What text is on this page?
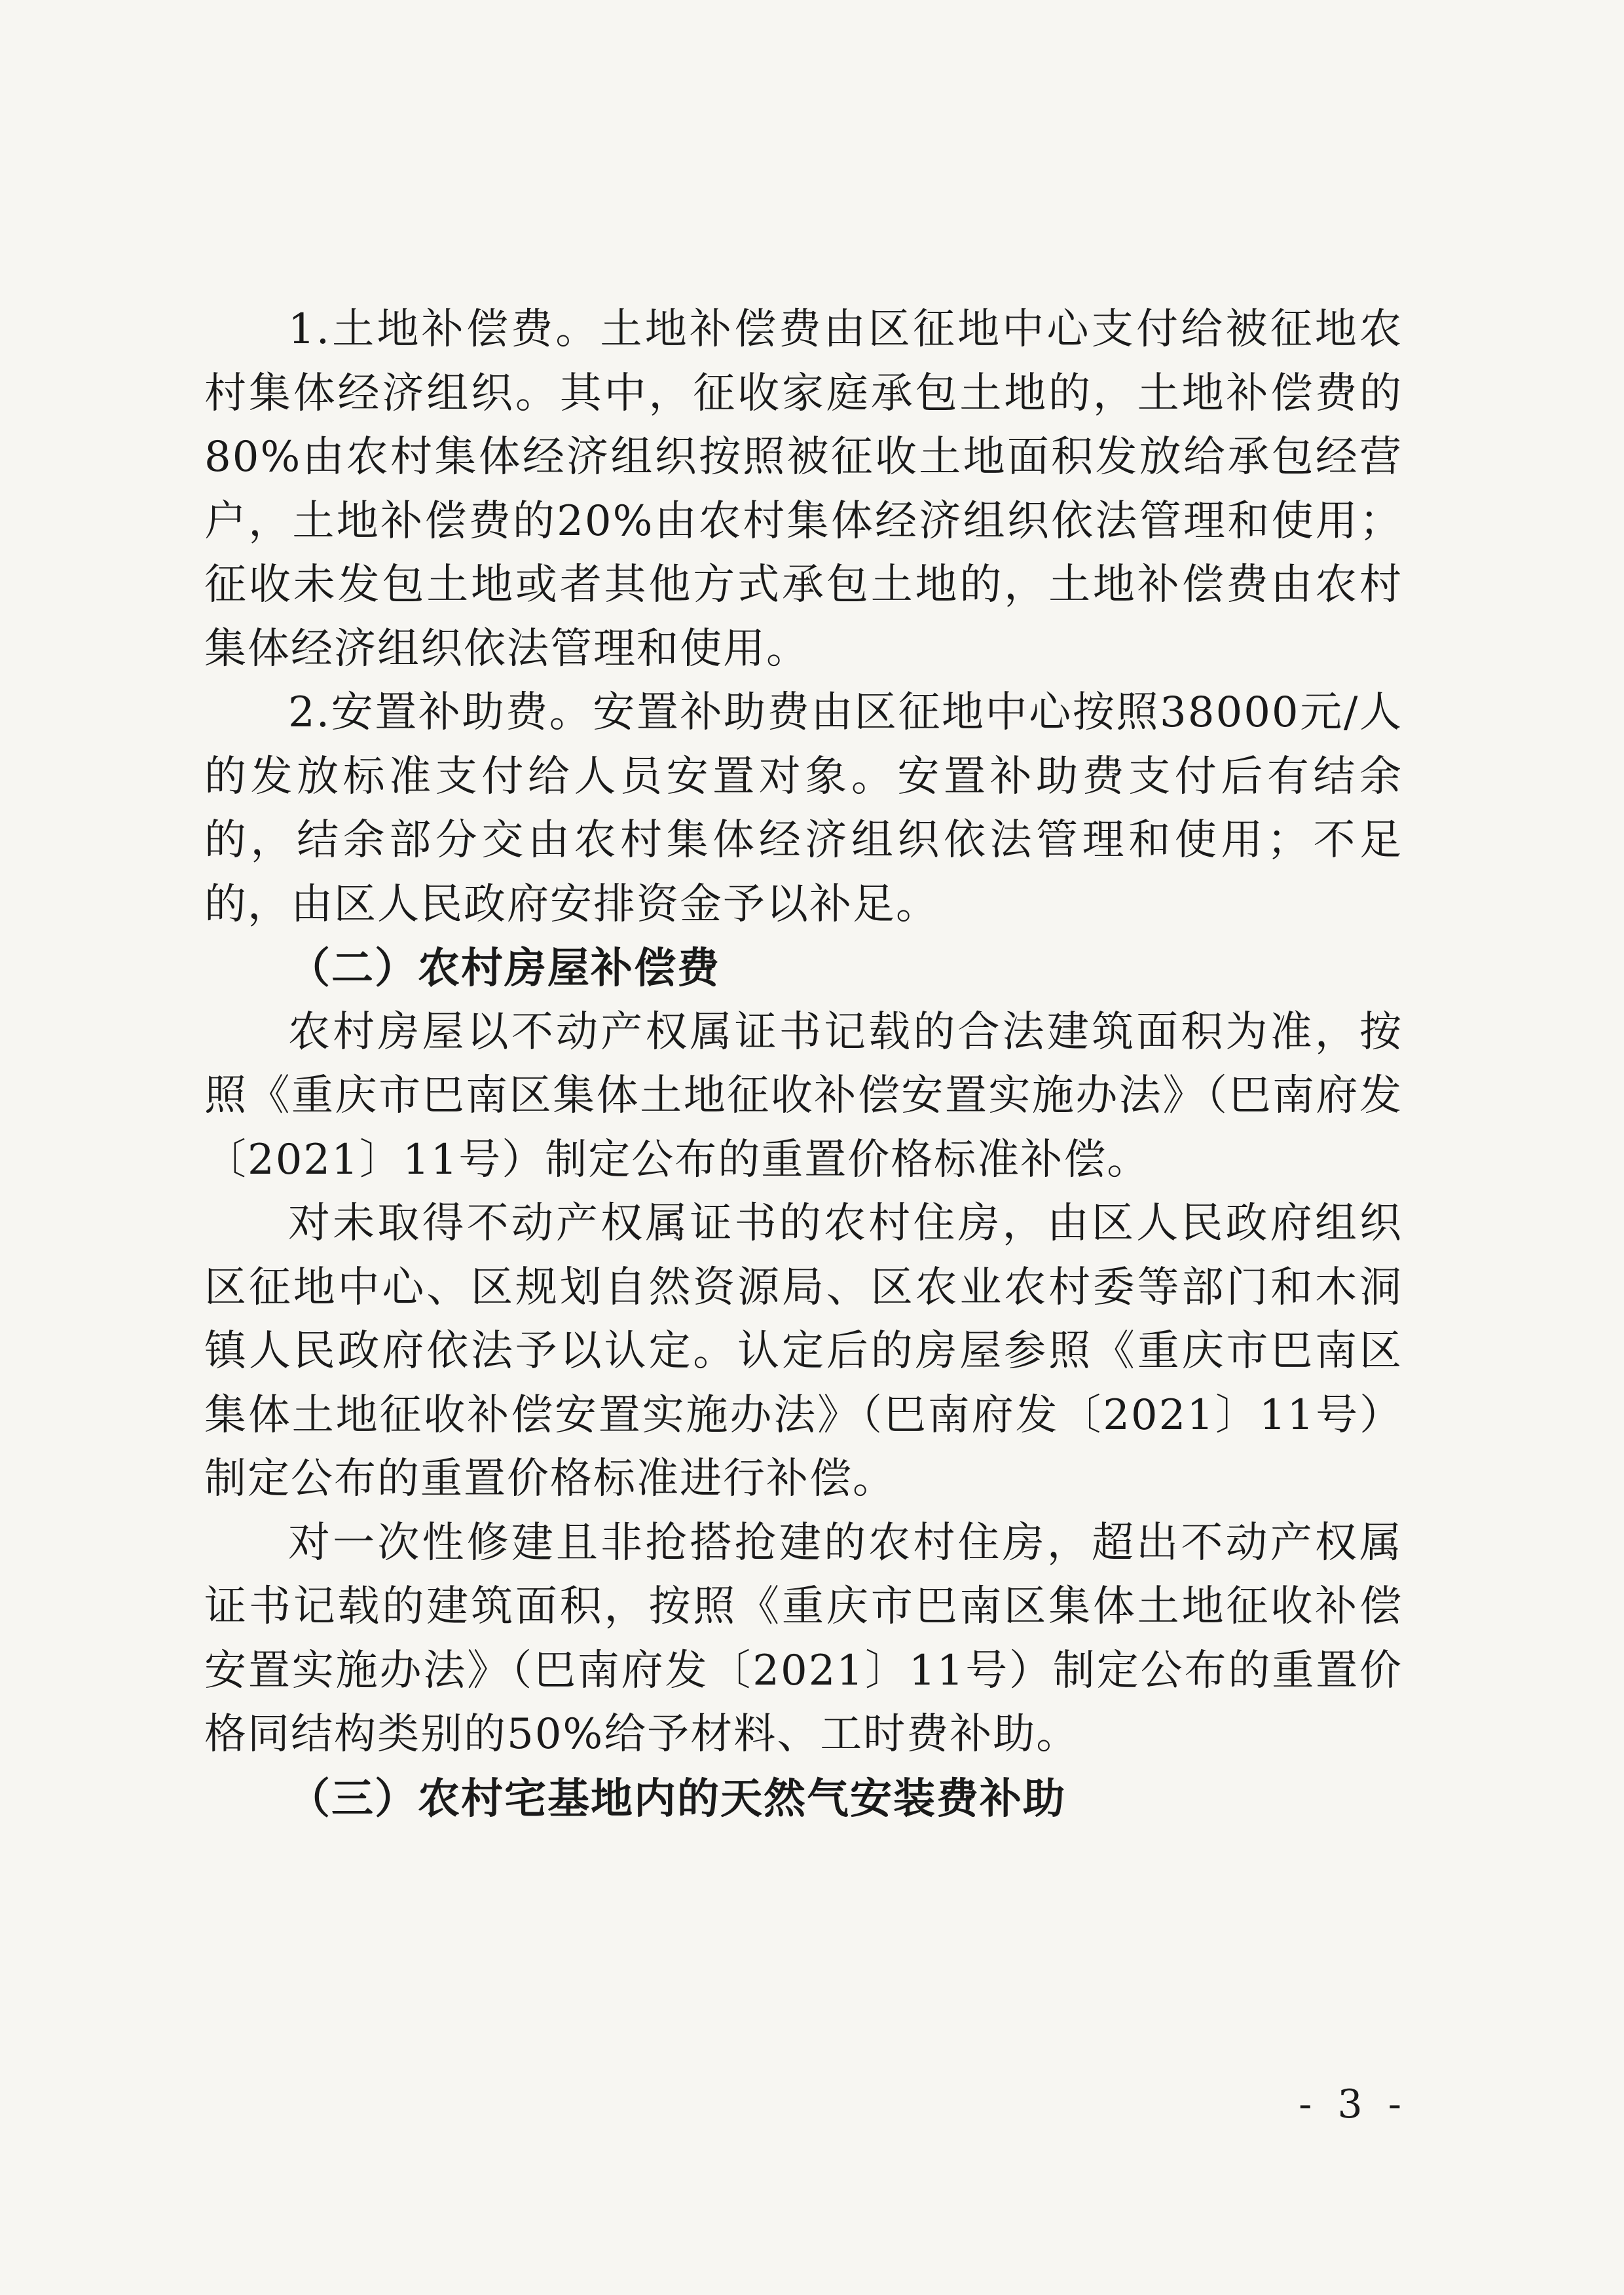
1.土地补偿费。土地补偿费由区征地中心支付给被征地农村集体经济组织。其中，征收家庭承包土地的，土地补偿费的80%由农村集体经济组织按照被征收土地面积发放给承包经营户，土地补偿费的20%由农村集体经济组织依法管理和使用；征收未发包土地或者其他方式承包土地的，土地补偿费由农村集体经济组织依法管理和使用。

2.安置补助费。安置补助费由区征地中心按照38000元/人的发放标准支付给人员安置对象。安置补助费支付后有结余的，结余部分交由农村集体经济组织依法管理和使用；不足的，由区人民政府安排资金予以补足。

（二）农村房屋补偿费

农村房屋以不动产权属证书记载的合法建筑面积为准，按照《重庆市巴南区集体土地征收补偿安置实施办法》（巴南府发〔2021〕11号）制定公布的重置价格标准补偿。

对未取得不动产权属证书的农村住房，由区人民政府组织区征地中心、区规划自然资源局、区农业农村委等部门和木洞镇人民政府依法予以认定。认定后的房屋参照《重庆市巴南区集体土地征收补偿安置实施办法》（巴南府发〔2021〕11号）制定公布的重置价格标准进行补偿。

对一次性修建且非抢搭抢建的农村住房，超出不动产权属证书记载的建筑面积，按照《重庆市巴南区集体土地征收补偿安置实施办法》（巴南府发〔2021〕11号）制定公布的重置价格同结构类别的50%给予材料、工时费补助。

（三）农村宅基地内的天然气安装费补助

- 3 -
